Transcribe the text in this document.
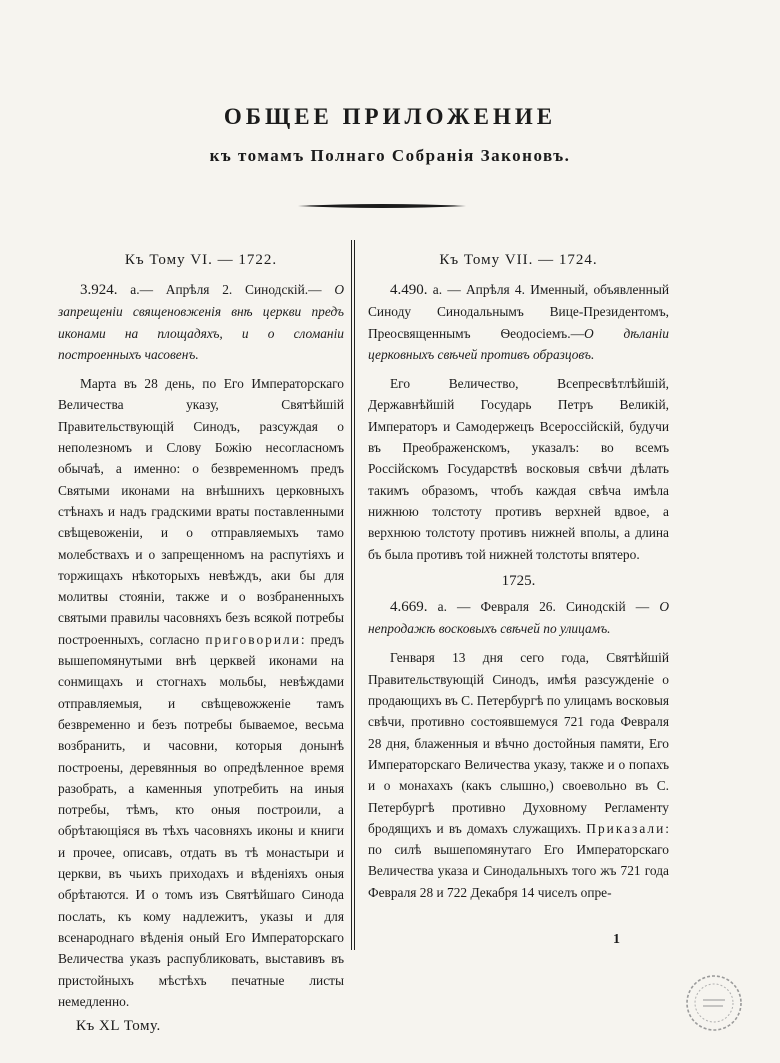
ОБЩЕЕ ПРИЛОЖЕНИЕ
къ томамъ Полнаго Собранія Законовъ.
Къ Тому VI. — 1722.

3.924. а.— Апрѣля 2. Синодскій.— О запрещеніи священовженія внѣ церкви предъ иконами на площадяхъ, и о сломаніи построенныхъ часовенъ.

Марта въ 28 день, по Его Императорскаго Величества указу, Святѣйшій Правительствующій Синодъ, разсуждая о неполезномъ и Слову Божію несогласномъ обычаѣ, а именно: о безвременномъ предъ Святыми иконами на внѣшнихъ церковныхъ стѣнахъ и надъ градскими враты поставленными свѣщевоженіи, и о отправляемыхъ тамо молебствахъ и о запрещенномъ на распутіяхъ и торжищахъ нѣкоторыхъ невѣждъ, аки бы для молитвы стояніи, также и о возбраненныхъ святыми правилы часовняхъ безъ всякой потребы построенныхъ, согласно приговорили: предъ вышепомянутыми внѣ церквей иконами на сонмищахъ и стогнахъ мольбы, невѣждами отправляемыя, и свѣщевожженіе тамъ безвременно и безъ потребы бываемое, весьма возбранить, и часовни, которыя донынѣ построены, деревянныя во опредѣленное время разобрать, а каменныя употребить на иныя потребы, тѣмъ, кто оныя построили, а обрѣтающіяся въ тѣхъ часовняхъ иконы и книги и прочее, описавъ, отдать въ тѣ монастыри и церкви, въ чьихъ приходахъ и вѣденіяхъ оныя обрѣтаются. И о томъ изъ Святѣйшаго Синода послать, къ кому надлежитъ, указы и для всенароднаго вѣденія оный Его Императорскаго Величества указъ распубликовать, выставивъ въ пристойныхъ мѣстѣхъ печатные листы немедленно.

Къ XL Тому.
Къ Тому VII. — 1724.

4.490. а. — Апрѣля 4. Именный, объявленный Синоду Синодальнымъ Вице-Президентомъ, Преосвященнымъ Ѳеодосіемъ.—О дѣланіи церковныхъ свѣчей противъ образцовъ.

Его Величество, Всепресвѣтлѣйшій, Державнѣйшій Государь Петръ Великій, Императоръ и Самодержецъ Всероссійскій, будучи въ Преображенскомъ, указалъ: во всемъ Россійскомъ Государствѣ восковыя свѣчи дѣлать такимъ образомъ, чтобъ каждая свѣча имѣла нижнюю толстоту противъ верхней вдвое, а верхнюю толстоту противъ нижней вполы, а длина бъ была противъ той нижней толстоты впятеро.

1725.

4.669. а. — Февраля 26. Синодскій — О непродажѣ восковыхъ свѣчей по улицамъ.

Генваря 13 дня сего года, Святѣйшій Правительствующій Синодъ, имѣя разсужденіе о продающихъ въ С. Петербургѣ по улицамъ восковыя свѣчи, противно состоявшемуся 721 года Февраля 28 дня, блаженныя и вѣчно достойныя памяти, Его Императорскаго Величества указу, также и о попахъ и о монахахъ (какъ слышно,) своевольно въ С. Петербургѣ противно Духовному Регламенту бродящихъ и въ домахъ служащихъ. Приказали: по силѣ вышепомянутаго Его Императорскаго Величества указа и Синодальныхъ того жъ 721 года Февраля 28 и 722 Декабря 14 чиселъ опре-

1
